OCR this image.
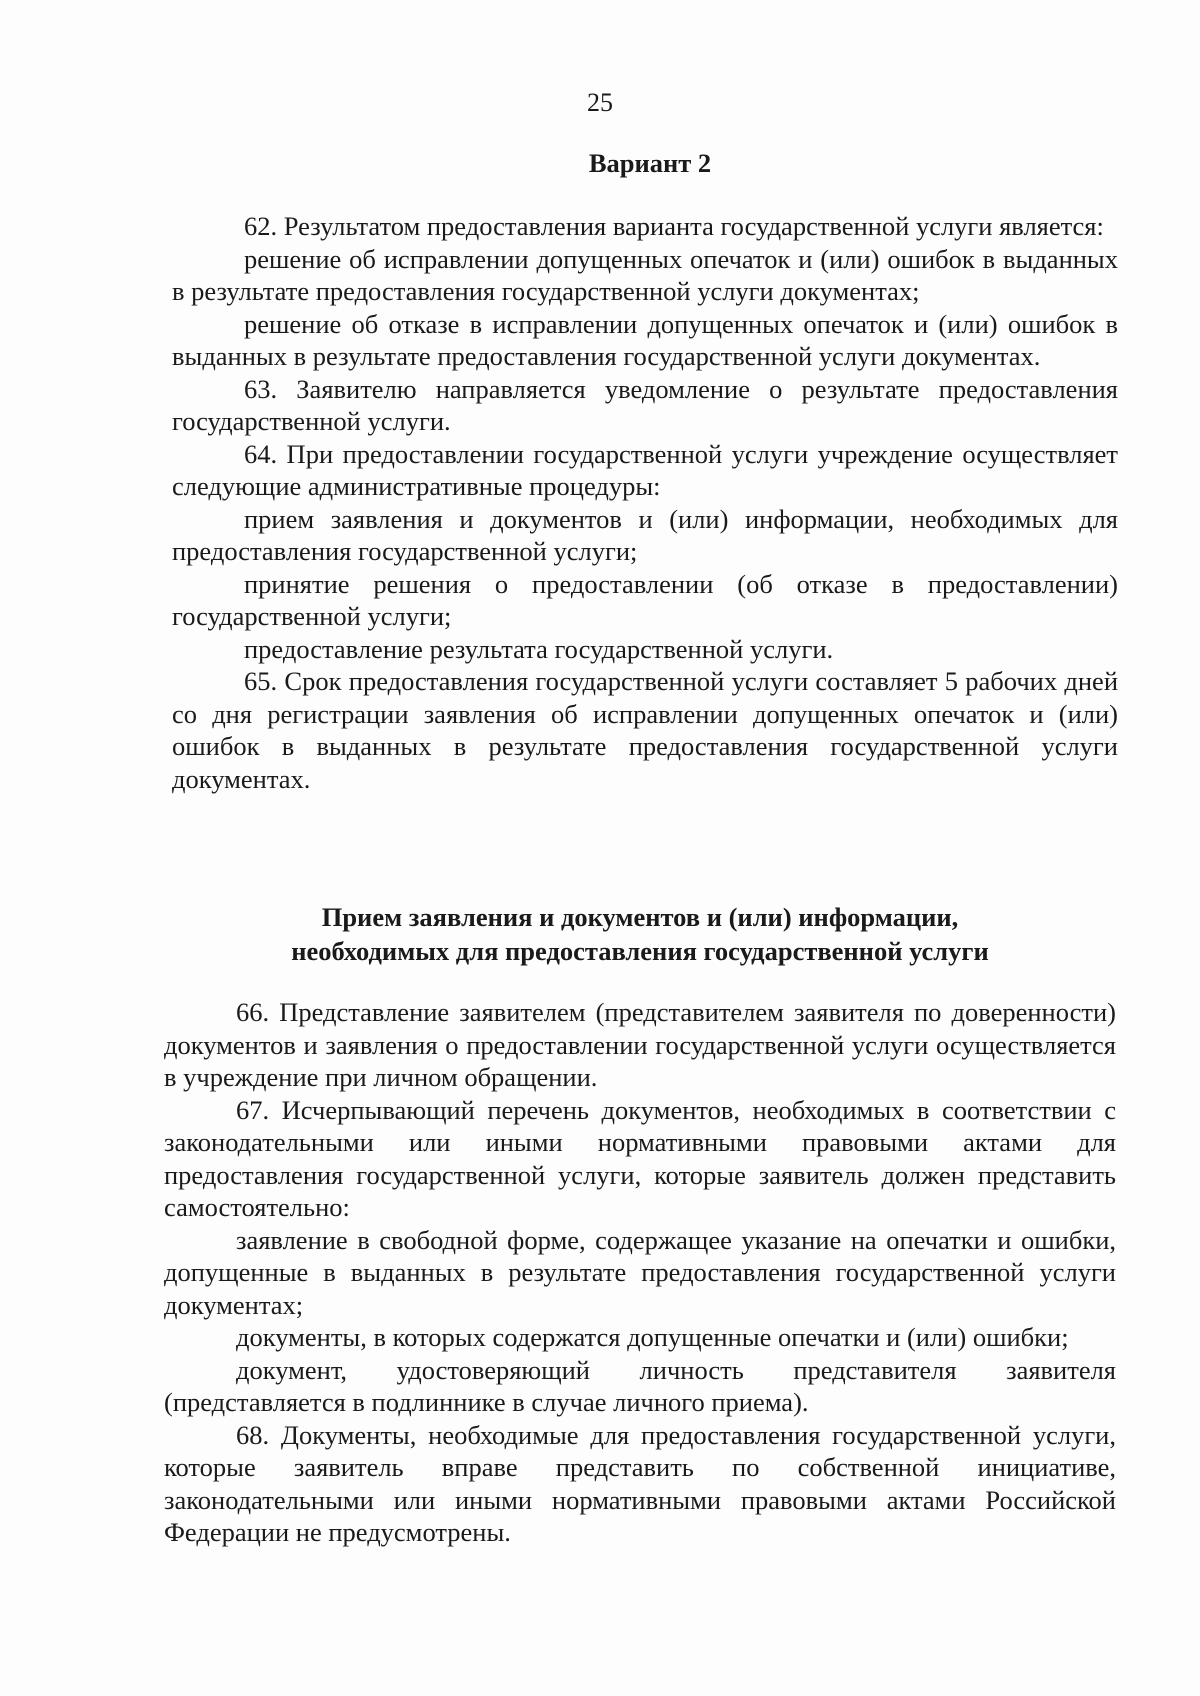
25
Вариант 2

62. Результатом предоставления варианта государственной услуги является:

решение об исправлении допущенных опечаток и (или) ошибок в выданных в результате предоставления государственной услуги документах;

решение об отказе в исправлении допущенных опечаток и (или) ошибок в выданных в результате предоставления государственной услуги документах.

63. Заявителю направляется уведомление о результате предоставления государственной услуги.

64. При предоставлении государственной услуги учреждение осуществляет следующие административные процедуры:

прием заявления и документов и (или) информации, необходимых для предоставления государственной услуги;

принятие решения о предоставлении (об отказе в предоставлении) государственной услуги;

предоставление результата государственной услуги.

65. Срок предоставления государственной услуги составляет 5 рабочих дней со дня регистрации заявления об исправлении допущенных опечаток и (или) ошибок в выданных в результате предоставления государственной услуги документах.

Прием заявления и документов и (или) информации,
необходимых для предоставления государственной услуги

66. Представление заявителем (представителем заявителя по доверенности) документов и заявления о предоставлении государственной услуги осуществляется в учреждение при личном обращении.

67. Исчерпывающий перечень документов, необходимых в соответствии с законодательными или иными нормативными правовыми актами для предоставления государственной услуги, которые заявитель должен представить самостоятельно:

заявление в свободной форме, содержащее указание на опечатки и ошибки, допущенные в выданных в результате предоставления государственной услуги документах;

документы, в которых содержатся допущенные опечатки и (или) ошибки;

документ, удостоверяющий личность представителя заявителя (представляется в подлиннике в случае личного приема).

68. Документы, необходимые для предоставления государственной услуги, которые заявитель вправе представить по собственной инициативе, законодательными или иными нормативными правовыми актами Российской Федерации не предусмотрены.
